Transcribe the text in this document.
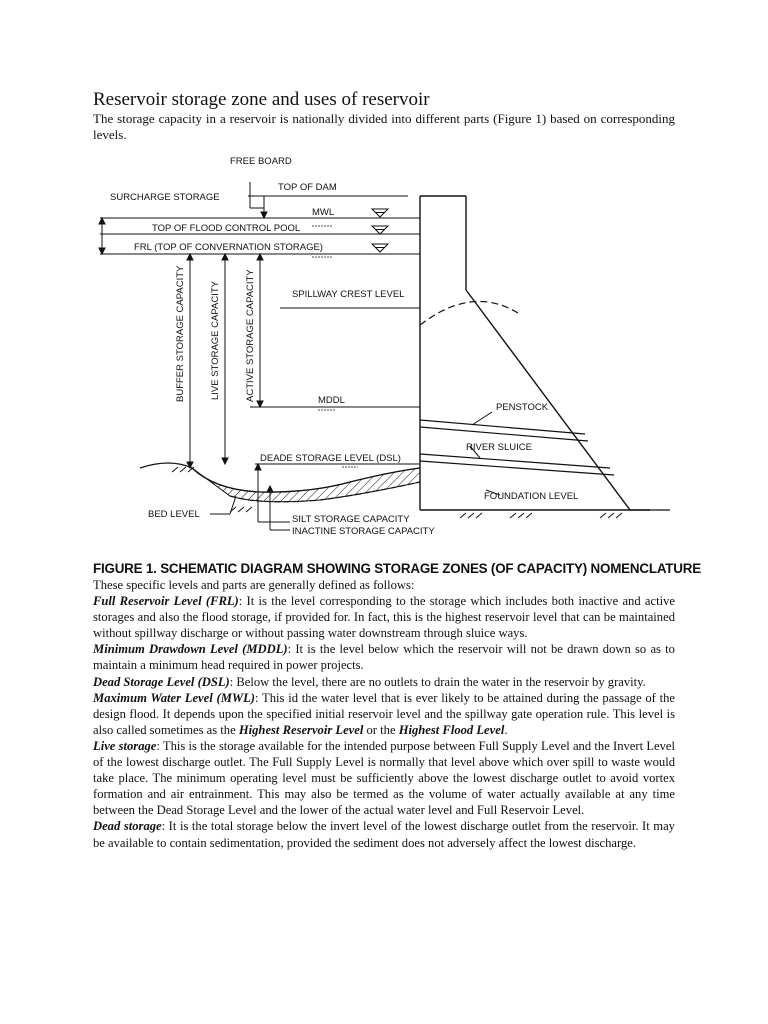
Reservoir storage zone and uses of reservoir

The storage capacity in a reservoir is nationally divided into different parts (Figure 1) based on corresponding levels.

FREE BOARD
SURCHARGE STORAGE
TOP OF DAM
MWL
TOP OF FLOOD CONTROL POOL
FRL (TOP OF CONVERNATION STORAGE)
SPILLWAY CREST LEVEL
BUFFER STORAGE CAPACITY	LIVE STORAGE CAPACITY	ACTIVE STORAGE CAPACITY	MDDL
PENSTOCK
RIVER SLUICE
DEADE STORAGE LEVEL (DSL)
FOUNDATION LEVEL
BED LEVEL	SILT STORAGE CAPACITY
INACTINE STORAGE CAPACITY

FIGURE 1. SCHEMATIC DIAGRAM SHOWING STORAGE ZONES (OF CAPACITY) NOMENCLATURE

These specific levels and parts are generally defined as follows:

Full Reservoir Level (FRL): It is the level corresponding to the storage which includes both inactive and active storages and also the flood storage, if provided for. In fact, this is the highest reservoir level that can be maintained without spillway discharge or without passing water downstream through sluice ways.

Minimum Drawdown Level (MDDL): It is the level below which the reservoir will not be drawn down so as to maintain a minimum head required in power projects.

Dead Storage Level (DSL): Below the level, there are no outlets to drain the water in the reservoir by gravity.

Maximum Water Level (MWL): This id the water level that is ever likely to be attained during the passage of the design flood. It depends upon the specified initial reservoir level and the spillway gate operation rule. This level is also called sometimes as the Highest Reservoir Level or the Highest Flood Level.

Live storage: This is the storage available for the intended purpose between Full Supply Level and the Invert Level of the lowest discharge outlet. The Full Supply Level is normally that level above which over spill to waste would take place. The minimum operating level must be sufficiently above the lowest discharge outlet to avoid vortex formation and air entrainment. This may also be termed as the volume of water actually available at any time between the Dead Storage Level and the lower of the actual water level and Full Reservoir Level.

Dead storage: It is the total storage below the invert level of the lowest discharge outlet from the reservoir. It may be available to contain sedimentation, provided the sediment does not adversely affect the lowest discharge.
